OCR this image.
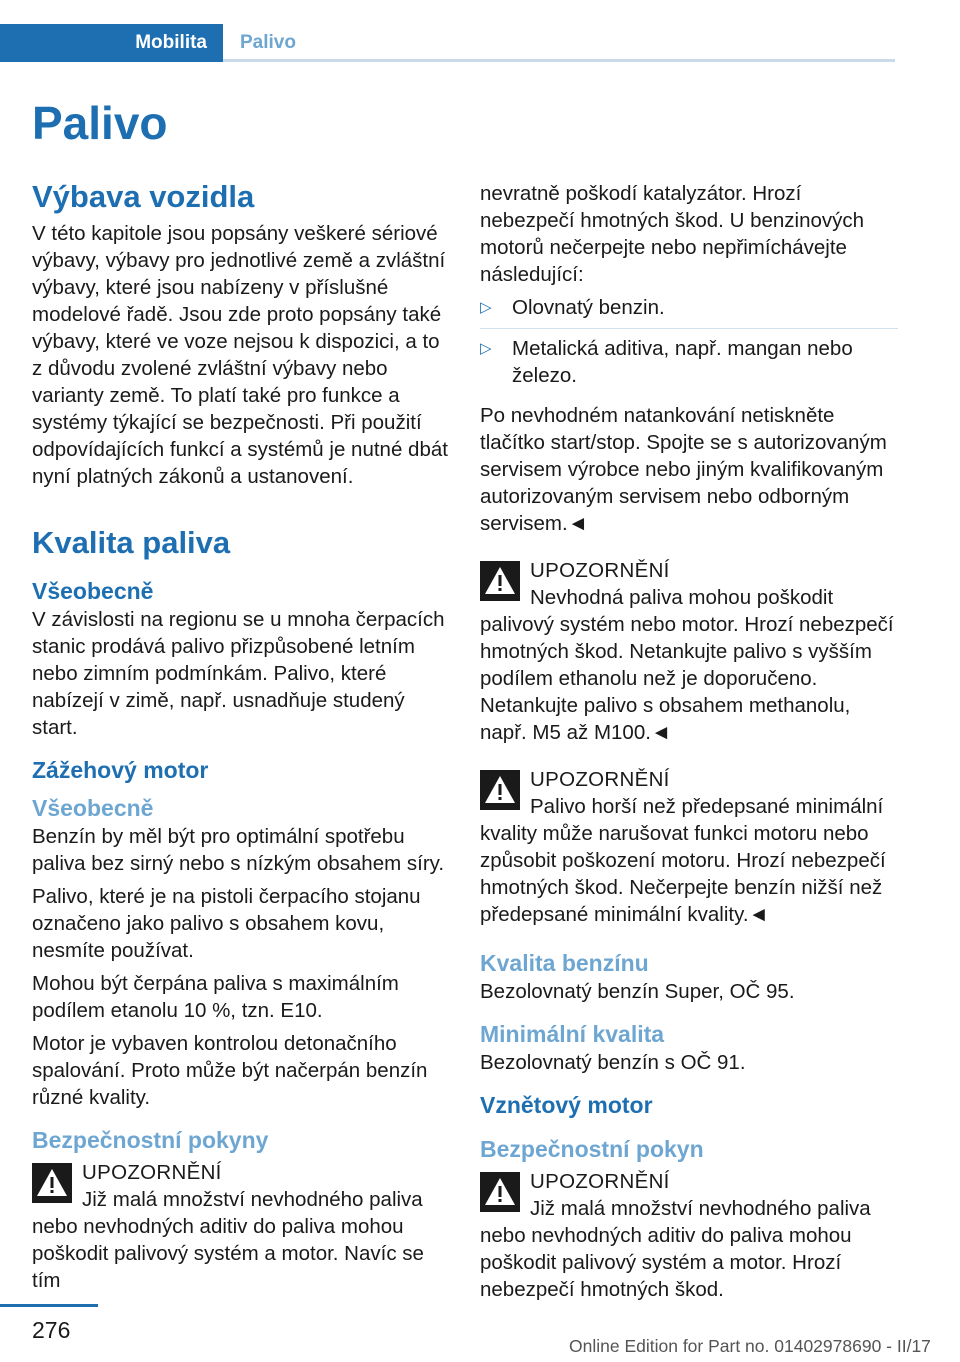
Mobilita	Palivo
Palivo
Výbava vozidla

V této kapitole jsou popsány veškeré sériové výbavy, výbavy pro jednotlivé země a zvláštní výbavy, které jsou nabízeny v příslušné modelové řadě. Jsou zde proto popsány také výbavy, které ve voze nejsou k dispozici, a to z důvodu zvolené zvláštní výbavy nebo varianty země. To platí také pro funkce a systémy týkající se bezpečnosti. Při použití odpovídajících funkcí a systémů je nutné dbát nyní platných zákonů a ustanovení.

Kvalita paliva
Všeobecně

V závislosti na regionu se u mnoha čerpacích stanic prodává palivo přizpůsobené letním nebo zimním podmínkám. Palivo, které nabízejí v zimě, např. usnadňuje studený start.

Zážehový motor
Všeobecně

Benzín by měl být pro optimální spotřebu paliva bez sirný nebo s nízkým obsahem síry.

Palivo, které je na pistoli čerpacího stojanu označeno jako palivo s obsahem kovu, nesmíte používat.

Mohou být čerpána paliva s maximálním podílem etanolu 10 %, tzn. E10.

Motor je vybaven kontrolou detonačního spalování. Proto může být načerpán benzín různé kvality.

Bezpečnostní pokyny
UPOZORNĚNÍ

Již malá množství nevhodného paliva nebo nevhodných aditiv do paliva mohou poškodit palivový systém a motor. Navíc se tím

nevratně poškodí katalyzátor. Hrozí nebezpečí hmotných škod. U benzinových motorů nečerpejte nebo nepřimíchávejte následující:

▷ Olovnatý benzin.
▷ Metalická aditiva, např. mangan nebo železo.

Po nevhodném natankování netiskněte tlačítko start/stop. Spojte se s autorizovaným servisem výrobce nebo jiným kvalifikovaným autorizovaným servisem nebo odborným servisem.◄

UPOZORNĚNÍ

Nevhodná paliva mohou poškodit palivový systém nebo motor. Hrozí nebezpečí hmotných škod. Netankujte palivo s vyšším podílem ethanolu než je doporučeno. Netankujte palivo s obsahem methanolu, např. M5 až M100.◄

UPOZORNĚNÍ

Palivo horší než předepsané minimální kvality může narušovat funkci motoru nebo způsobit poškození motoru. Hrozí nebezpečí hmotných škod. Nečerpejte benzín nižší než předepsané minimální kvality.◄

Kvalita benzínu

Bezolovnatý benzín Super, OČ 95.

Minimální kvalita

Bezolovnatý benzín s OČ 91.

Vznětový motor
Bezpečnostní pokyn
UPOZORNĚNÍ

Již malá množství nevhodného paliva nebo nevhodných aditiv do paliva mohou poškodit palivový systém a motor. Hrozí nebezpečí hmotných škod.

276
Online Edition for Part no. 01402978690 - II/17
